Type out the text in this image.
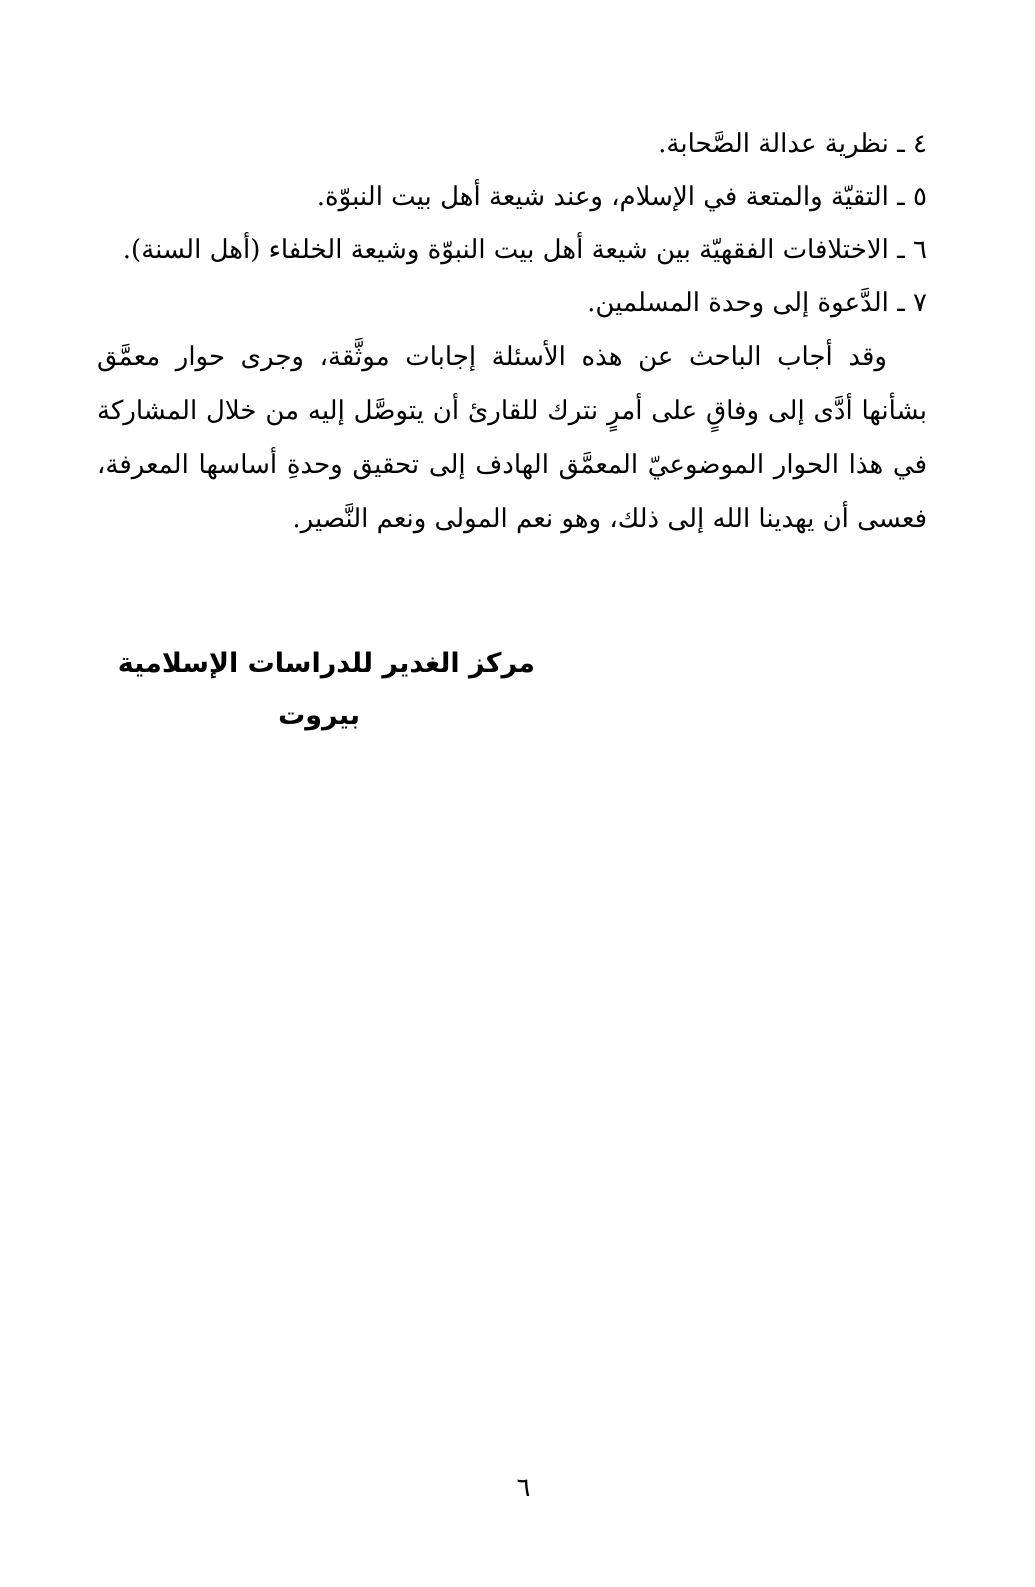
٤ ـ نظرية عدالة الصَّحابة.
٥ ـ التقيّة والمتعة في الإسلام، وعند شيعة أهل بيت النبوّة.
٦ ـ الاختلافات الفقهيّة بين شيعة أهل بيت النبوّة وشيعة الخلفاء (أهل السنة).
٧ ـ الدَّعوة إلى وحدة المسلمين.
وقد أجاب الباحث عن هذه الأسئلة إجابات موثَّقة، وجرى حوار معمَّق
بشأنها أدَّى إلى وفاقٍ على أمرٍ نترك للقارئ أن يتوصَّل إليه من خلال المشاركة
في هذا الحوار الموضوعيّ المعمَّق الهادف إلى تحقيق وحدةِ أساسها المعرفة،
فعسى أن يهدينا الله إلى ذلك، وهو نعم المولى ونعم النَّصير.
مركز الغدير للدراسات الإسلامية
بيروت
٦
